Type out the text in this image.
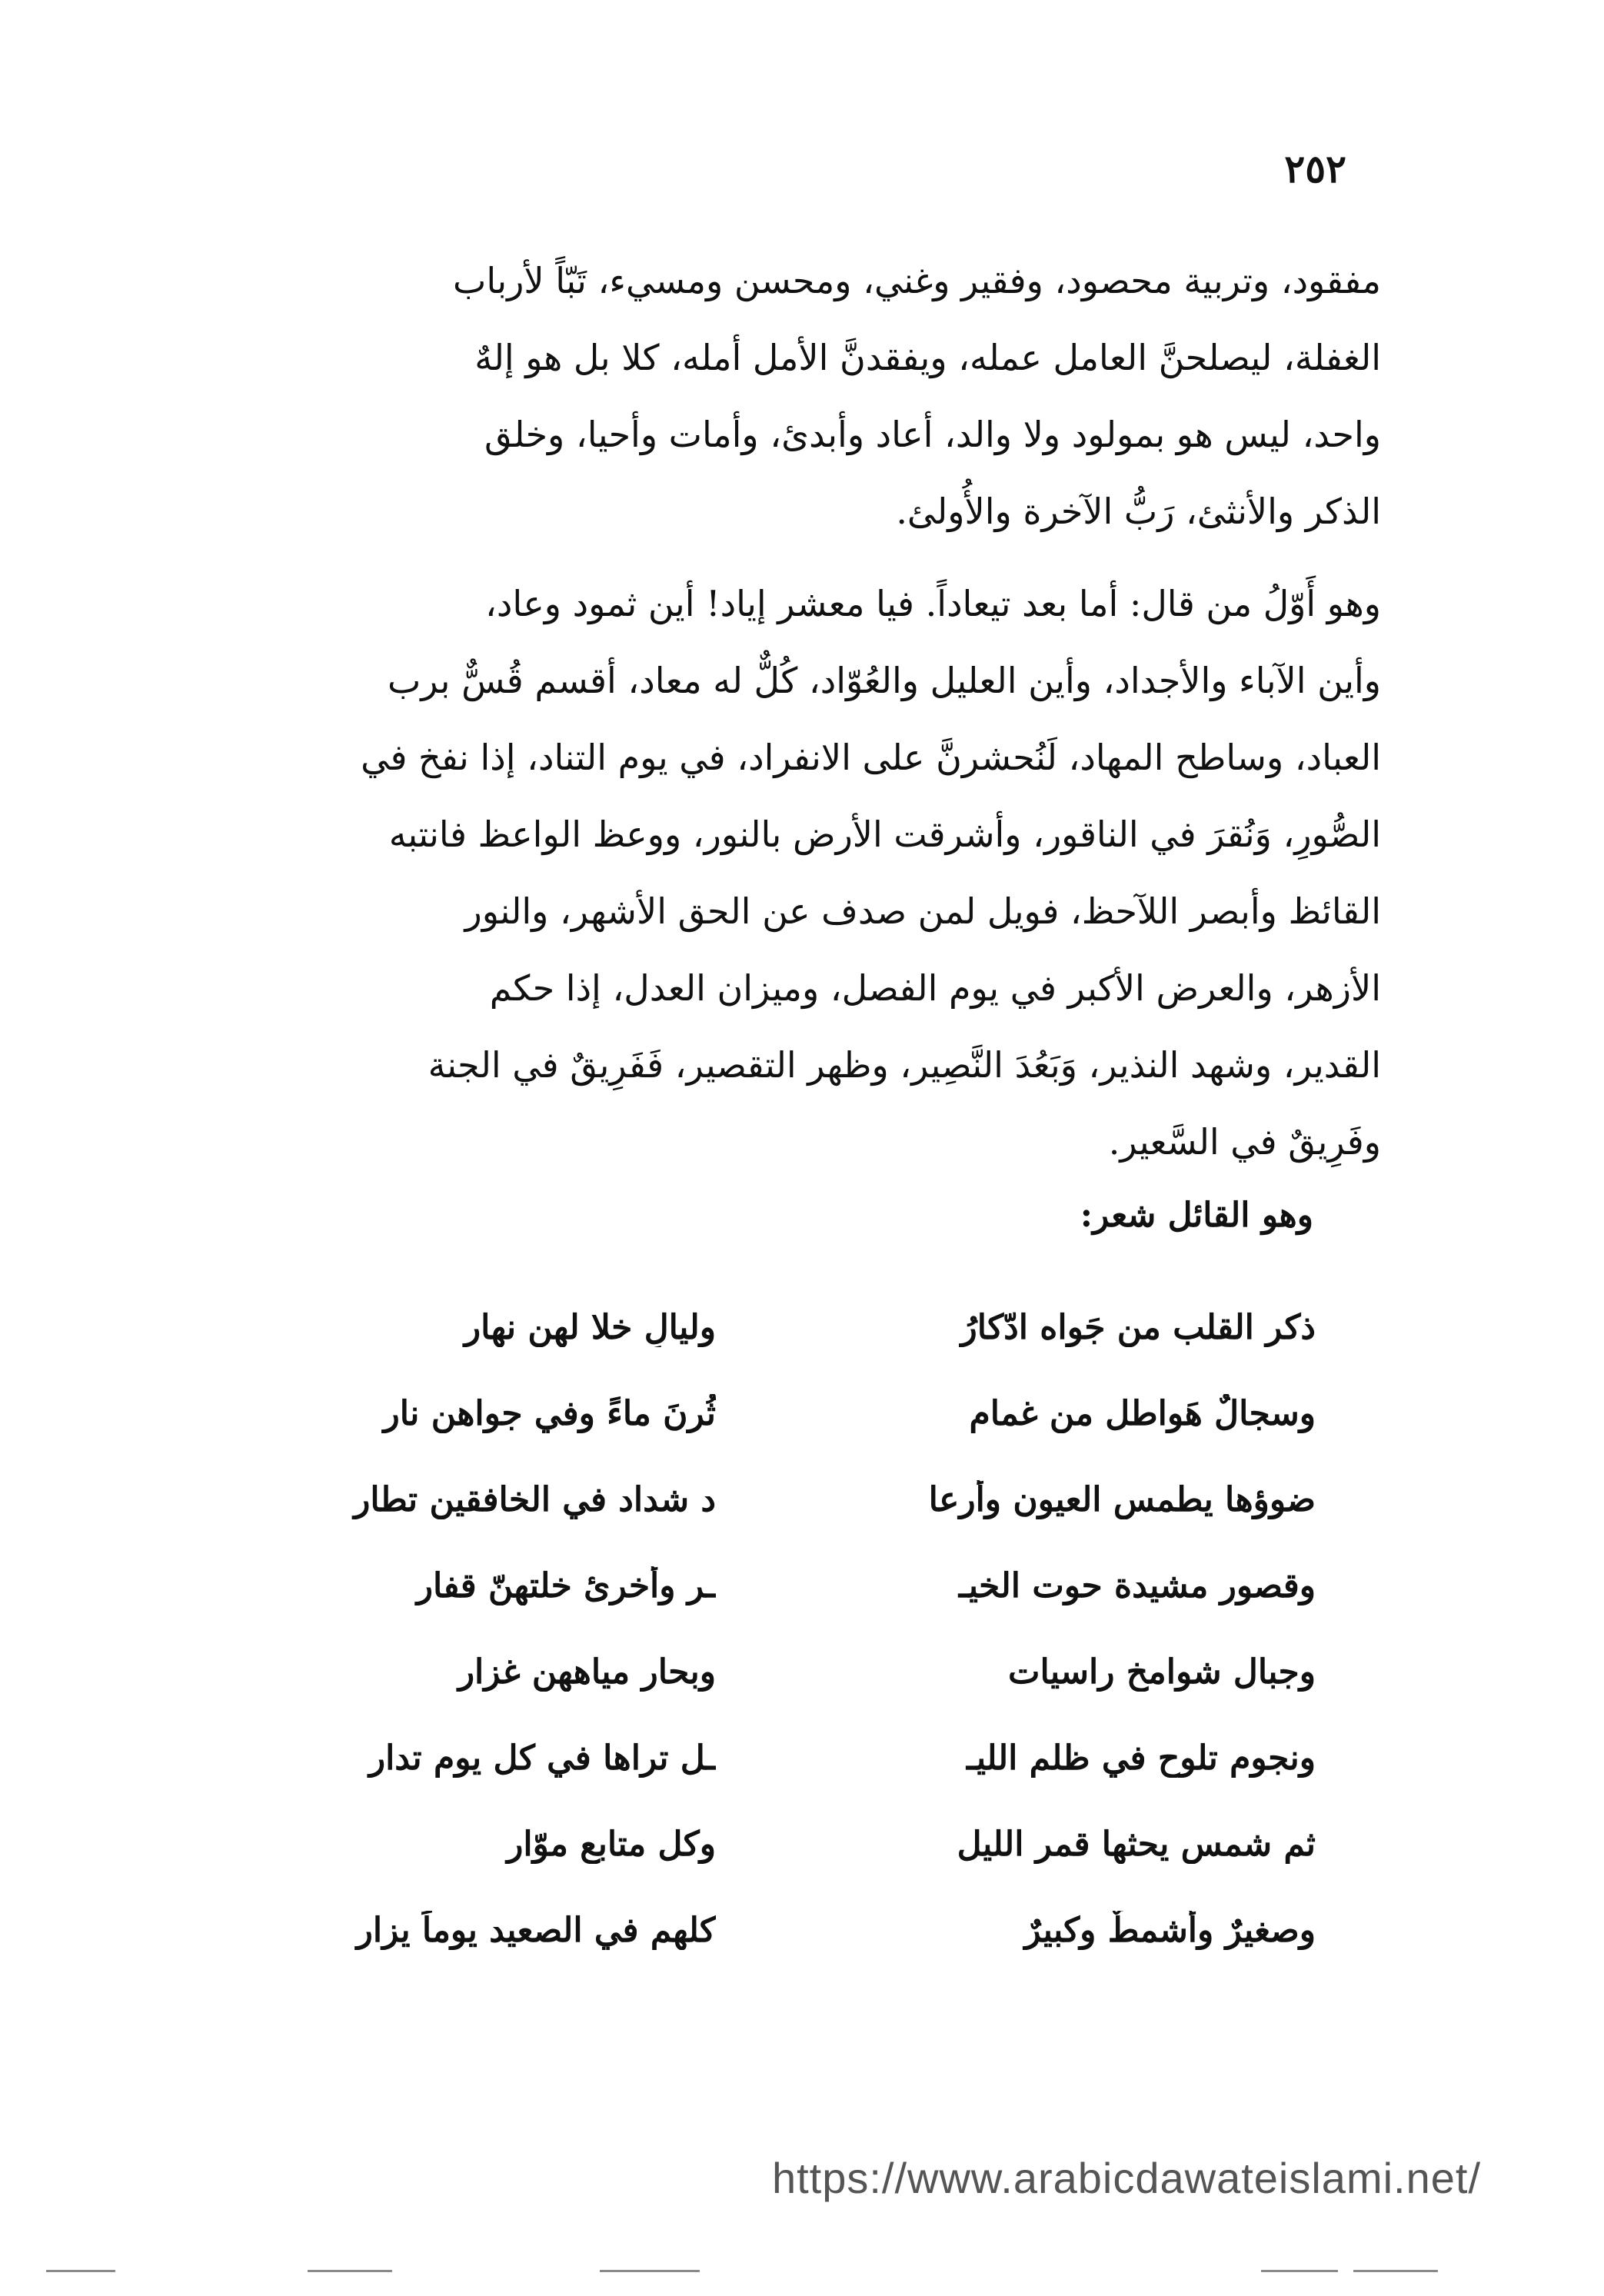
٢٥٢
مفقود، وتربية محصود، وفقير وغني، ومحسن ومسيء، تَبّاً لأرباب
الغفلة، ليصلحنَّ العامل عمله، ويفقدنَّ الأمل أمله، كلا بل هو إلهٌ
واحد، ليس هو بمولود ولا والد، أعاد وأبدئ، وأمات وأحيا، وخلق
الذكر والأنثئ، رَبُّ الآخرة والأُولئ.
وهو أَوّلُ من قال: أما بعد تيعاداً. فيا معشر إياد! أين ثمود وعاد،
وأين الآباء والأجداد، وأين العليل والعُوّاد، كُلٌّ له معاد، أقسم قُسٌّ برب
العباد، وساطح المهاد، لَنُحشرنَّ على الانفراد، في يوم التناد، إذا نفخ في
الصُّورِ، وَنُقرَ في الناقور، وأشرقت الأرض بالنور، ووعظ الواعظ فانتبه
القائظ وأبصر اللآحظ، فويل لمن صدف عن الحق الأشهر، والنور
الأزهر، والعرض الأكبر في يوم الفصل، وميزان العدل، إذا حكم
القدير، وشهد النذير، وَبَعُدَ النَّصِير، وظهر التقصير، فَفَرِيقٌ في الجنة
وفَرِيقٌ في السَّعير.
وهو القائل شعر:
ذكر القلب من جَواه ادّكارُ
وليالٍ خلا لهن نهار
وسجالٌ هَواطل من غمام
ثُرنَ ماءً وفي جواهن نار
ضوؤها يطمس العيون وأرعا
د شداد في الخافقين تطار
وقصور مشيدة حوت الخيـ
ـر وأخرئ خلتهنّ قفار
وجبال شوامخ راسيات
وبحار مياههن غزار
ونجوم تلوح في ظلم الليـ
ـل تراها في كل يوم تدار
ثم شمس يحثها قمر الليل
وكل متابع موّار
وصغيرٌ وأشمطٌ وكبيرٌ
كلهم في الصعيد يوماً يزار
https://www.arabicdawateislami.net/
